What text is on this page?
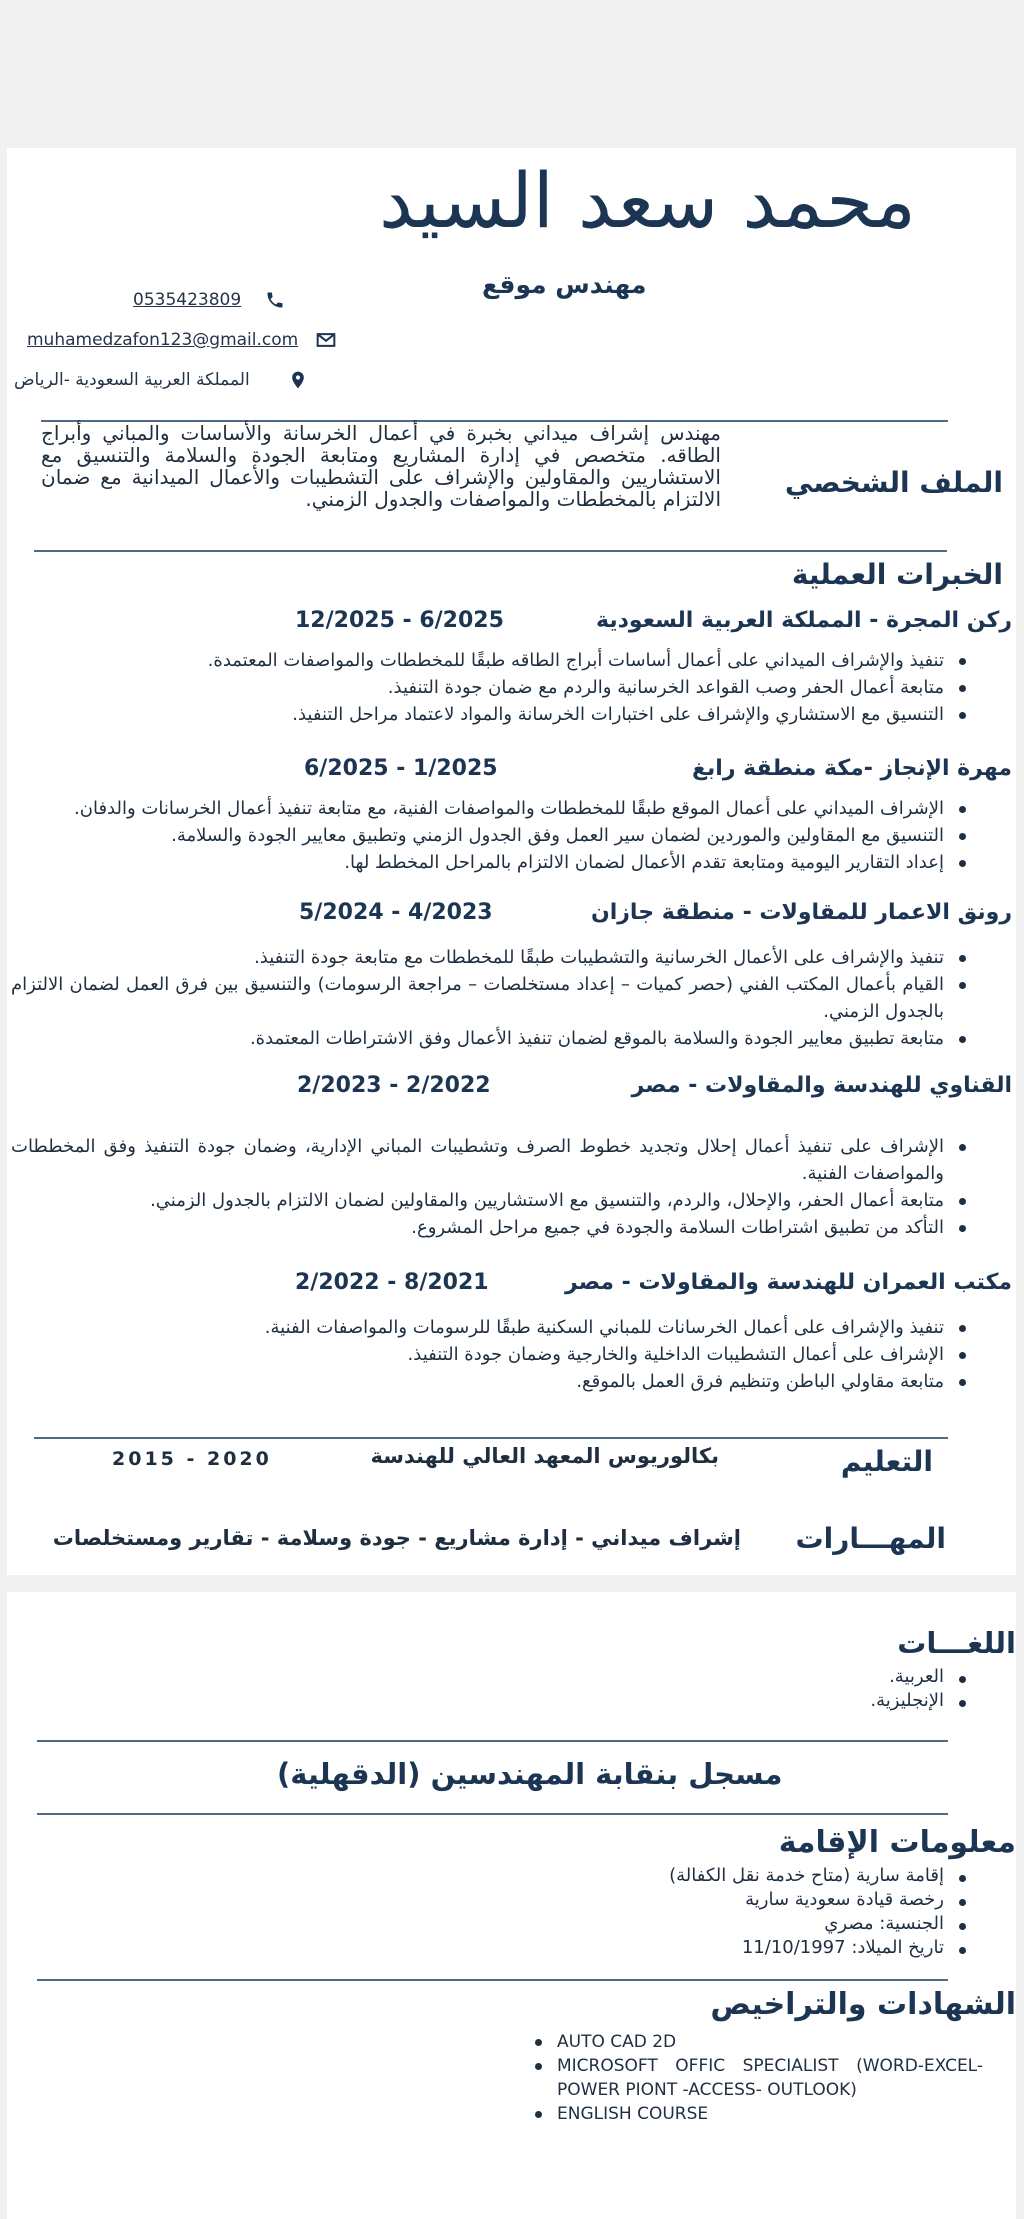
محمد سعد السيد
مهندس موقع
0535423809
muhamedzafon123@gmail.com
المملكة العربية السعودية -الرياض
الملف الشخصي
مهندس إشراف ميداني بخبرة في أعمال الخرسانة والأساسات والمباني وأبراج الطاقه. متخصص في إدارة المشاريع ومتابعة الجودة والسلامة والتنسيق مع الاستشاريين والمقاولين والإشراف على التشطيبات والأعمال الميدانية مع ضمان الالتزام بالمخططات والمواصفات والجدول الزمني.
الخبرات العملية
ركن المجرة - المملكة العربية السعودية
12/2025 - 6/2025
تنفيذ والإشراف الميداني على أعمال أساسات أبراج الطاقه طبقًا للمخططات والمواصفات المعتمدة.
متابعة أعمال الحفر وصب القواعد الخرسانية والردم مع ضمان جودة التنفيذ.
التنسيق مع الاستشاري والإشراف على اختبارات الخرسانة والمواد لاعتماد مراحل التنفيذ.
مهرة الإنجاز -مكة منطقة رابغ
6/2025 - 1/2025
الإشراف الميداني على أعمال الموقع طبقًا للمخططات والمواصفات الفنية، مع متابعة تنفيذ أعمال الخرسانات والدفان.
التنسيق مع المقاولين والموردين لضمان سير العمل وفق الجدول الزمني وتطبيق معايير الجودة والسلامة.
إعداد التقارير اليومية ومتابعة تقدم الأعمال لضمان الالتزام بالمراحل المخطط لها.
رونق الاعمار للمقاولات - منطقة جازان
5/2024 - 4/2023
تنفيذ والإشراف على الأعمال الخرسانية والتشطيبات طبقًا للمخططات مع متابعة جودة التنفيذ.
القيام بأعمال المكتب الفني (حصر كميات – إعداد مستخلصات – مراجعة الرسومات) والتنسيق بين فرق العمل لضمان الالتزام بالجدول الزمني.
متابعة تطبيق معايير الجودة والسلامة بالموقع لضمان تنفيذ الأعمال وفق الاشتراطات المعتمدة.
القناوي للهندسة والمقاولات - مصر
2/2023 - 2/2022
الإشراف على تنفيذ أعمال إحلال وتجديد خطوط الصرف وتشطيبات المباني الإدارية، وضمان جودة التنفيذ وفق المخططات والمواصفات الفنية.
متابعة أعمال الحفر، والإحلال، والردم، والتنسيق مع الاستشاريين والمقاولين لضمان الالتزام بالجدول الزمني.
التأكد من تطبيق اشتراطات السلامة والجودة في جميع مراحل المشروع.
مكتب العمران للهندسة والمقاولات - مصر
2/2022 - 8/2021
تنفيذ والإشراف على أعمال الخرسانات للمباني السكنية طبقًا للرسومات والمواصفات الفنية.
الإشراف على أعمال التشطيبات الداخلية والخارجية وضمان جودة التنفيذ.
متابعة مقاولي الباطن وتنظيم فرق العمل بالموقع.
التعليم
بكالوريوس المعهد العالي للهندسة
2015 - 2020
المهـــارات
إشراف ميداني - إدارة مشاريع - جودة وسلامة - تقارير ومستخلصات
اللغـــات
العربية.
الإنجليزية.
مسجل بنقابة المهندسين (الدقهلية)
معلومات الإقامة
إقامة سارية (متاح خدمة نقل الكفالة)
رخصة قيادة سعودية سارية
الجنسية: مصري
تاريخ الميلاد: 11/10/1997
الشهادات والتراخيص
AUTO CAD 2D
MICROSOFT OFFIC SPECIALIST (WORD-EXCEL-POWER PIONT -ACCESS- OUTLOOK)
ENGLISH COURSE
